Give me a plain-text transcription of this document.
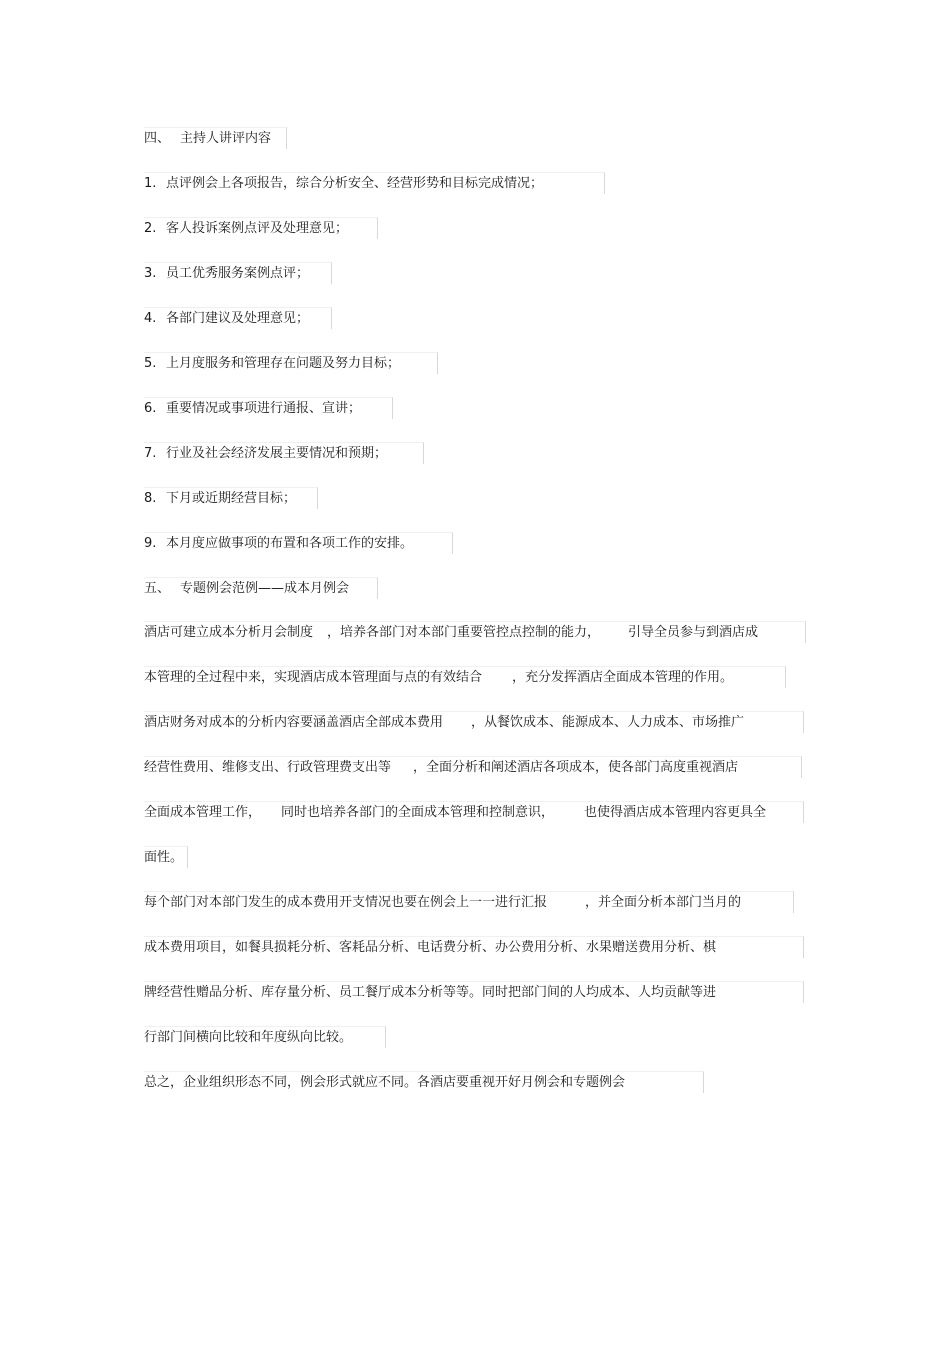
四、 主持人讲评内容
1. 点评例会上各项报告，综合分析安全、经营形势和目标完成情况；
2. 客人投诉案例点评及处理意见；
3. 员工优秀服务案例点评；
4. 各部门建议及处理意见；
5. 上月度服务和管理存在问题及努力目标；
6. 重要情况或事项进行通报、宣讲；
7. 行业及社会经济发展主要情况和预期；
8. 下月或近期经营目标；
9. 本月度应做事项的布置和各项工作的安排。
五、 专题例会范例——成本月例会
酒店可建立成本分析月会制度 ，培养各部门对本部门重要管控点控制的能力， 引导全员参与到酒店成
本管理的全过程中来，实现酒店成本管理面与点的有效结合 ，充分发挥酒店全面成本管理的作用。
酒店财务对成本的分析内容要涵盖酒店全部成本费用 ，从餐饮成本、能源成本、人力成本、市场推广
经营性费用、维修支出、行政管理费支出等 ，全面分析和阐述酒店各项成本，使各部门高度重视酒店
全面成本管理工作， 同时也培养各部门的全面成本管理和控制意识， 也使得酒店成本管理内容更具全
面性。
每个部门对本部门发生的成本费用开支情况也要在例会上一一进行汇报	，并全面分析本部门当月的
成本费用项目，如餐具损耗分析、客耗品分析、电话费分析、办公费用分析、水果赠送费用分析、棋
牌经营性赠品分析、库存量分析、员工餐厅成本分析等等。同时把部门间的人均成本、人均贡献等进
行部门间横向比较和年度纵向比较。
总之，企业组织形态不同，例会形式就应不同。各酒店要重视开好月例会和专题例会
